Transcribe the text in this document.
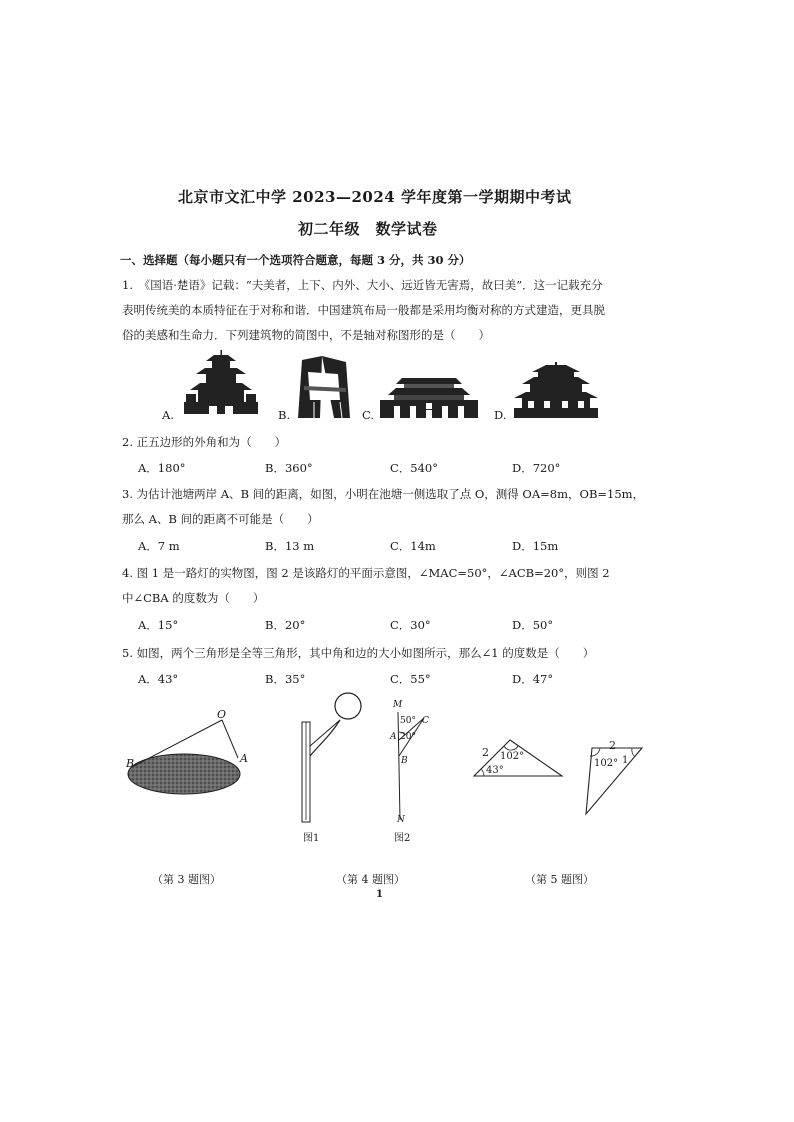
北京市文汇中学 2023—2024 学年度第一学期期中考试
初二年级　数学试卷
一、选择题（每小题只有一个选项符合题意，每题 3 分，共 30 分）
1.　《国语·楚语》记载：“夫美者，上下、内外、大小、远近皆无害焉，故曰美”．这一记载充分
表明传统美的本质特征在于对称和谐．中国建筑布局一般都是采用均衡对称的方式建造，更具脱
俗的美感和生命力．下列建筑物的简图中，不是轴对称图形的是（　　）
A.	B.	C.	D.
2. 正五边形的外角和为（　　）
A．180°	B．360°	C．540°	D．720°
3. 为估计池塘两岸 A、B 间的距离，如图，小明在池塘一侧选取了点 O，测得 OA=8m，OB=15m，
那么 A、B 间的距离不可能是（　　）
A．7 m	B．13 m	C．14m	D．15m
4. 图 1 是一路灯的实物图，图 2 是该路灯的平面示意图，∠MAC=50°，∠ACB=20°，则图 2
中∠CBA 的度数为（　　）
A．15°	B．20°	C．30°	D．50°
5. 如图，两个三角形是全等三角形，其中角和边的大小如图所示，那么∠1 的度数是（　　）
A．43°	B．35°	C．55°	D．47°
O
A
B
图1
M
50° C
A 20°
B
N
图2
2 102°
43°
2
102° 1
（第 3 题图）	（第 4 题图）	（第 5 题图）
1
